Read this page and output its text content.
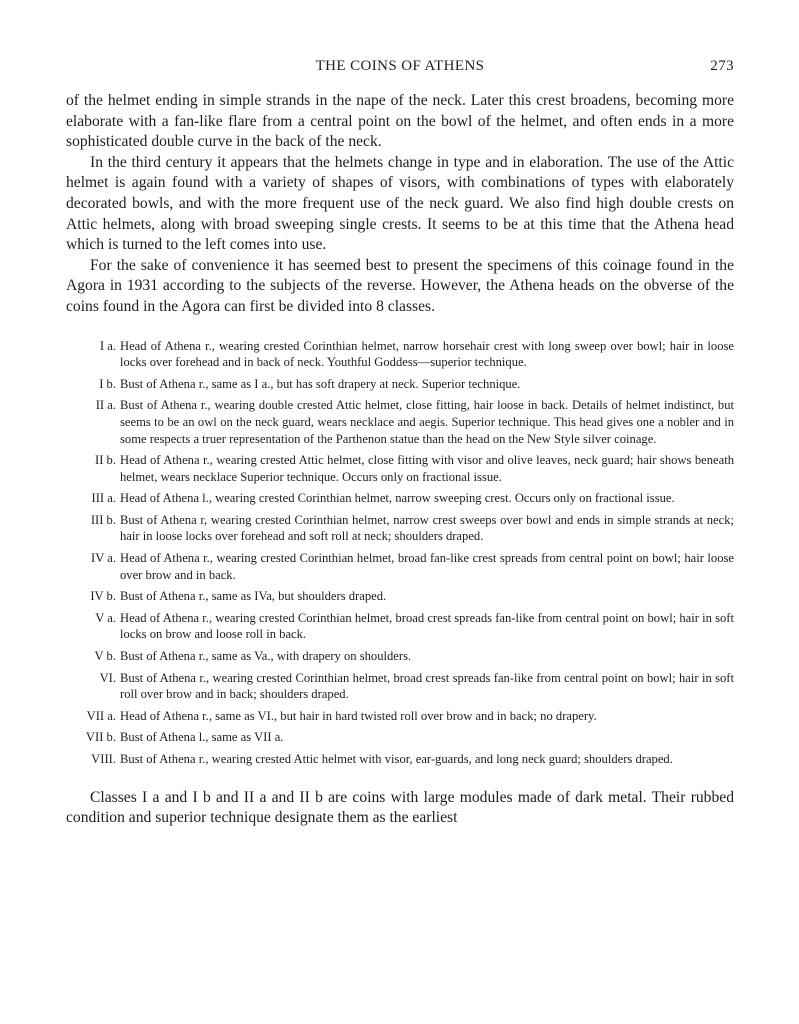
THE COINS OF ATHENS	273

of the helmet ending in simple strands in the nape of the neck. Later this crest broadens, becoming more elaborate with a fan-like flare from a central point on the bowl of the helmet, and often ends in a more sophisticated double curve in the back of the neck.

In the third century it appears that the helmets change in type and in elaboration. The use of the Attic helmet is again found with a variety of shapes of visors, with combinations of types with elaborately decorated bowls, and with the more frequent use of the neck guard. We also find high double crests on Attic helmets, along with broad sweeping single crests. It seems to be at this time that the Athena head which is turned to the left comes into use.

For the sake of convenience it has seemed best to present the specimens of this coinage found in the Agora in 1931 according to the subjects of the reverse. However, the Athena heads on the obverse of the coins found in the Agora can first be divided into 8 classes.

I a. Head of Athena r., wearing crested Corinthian helmet, narrow horsehair crest with long sweep over bowl; hair in loose locks over forehead and in back of neck. Youthful Goddess—superior technique.
I b. Bust of Athena r., same as I a., but has soft drapery at neck. Superior technique.
II a. Bust of Athena r., wearing double crested Attic helmet, close fitting, hair loose in back. Details of helmet indistinct, but seems to be an owl on the neck guard, wears necklace and aegis. Superior technique. This head gives one a nobler and in some respects a truer representation of the Parthenon statue than the head on the New Style silver coinage.
II b. Head of Athena r., wearing crested Attic helmet, close fitting with visor and olive leaves, neck guard; hair shows beneath helmet, wears necklace Superior technique. Occurs only on fractional issue.
III a. Head of Athena l., wearing crested Corinthian helmet, narrow sweeping crest. Occurs only on fractional issue.
III b. Bust of Athena r, wearing crested Corinthian helmet, narrow crest sweeps over bowl and ends in simple strands at neck; hair in loose locks over forehead and soft roll at neck; shoulders draped.
IV a. Head of Athena r., wearing crested Corinthian helmet, broad fan-like crest spreads from central point on bowl; hair loose over brow and in back.
IV b. Bust of Athena r., same as IVa, but shoulders draped.
V a. Head of Athena r., wearing crested Corinthian helmet, broad crest spreads fan-like from central point on bowl; hair in soft locks on brow and loose roll in back.
V b. Bust of Athena r., same as Va., with drapery on shoulders.
VI. Bust of Athena r., wearing crested Corinthian helmet, broad crest spreads fan-like from central point on bowl; hair in soft roll over brow and in back; shoulders draped.
VII a. Head of Athena r., same as VI., but hair in hard twisted roll over brow and in back; no drapery.
VII b. Bust of Athena l., same as VII a.
VIII. Bust of Athena r., wearing crested Attic helmet with visor, ear-guards, and long neck guard; shoulders draped.

Classes I a and I b and II a and II b are coins with large modules made of dark metal. Their rubbed condition and superior technique designate them as the earliest
